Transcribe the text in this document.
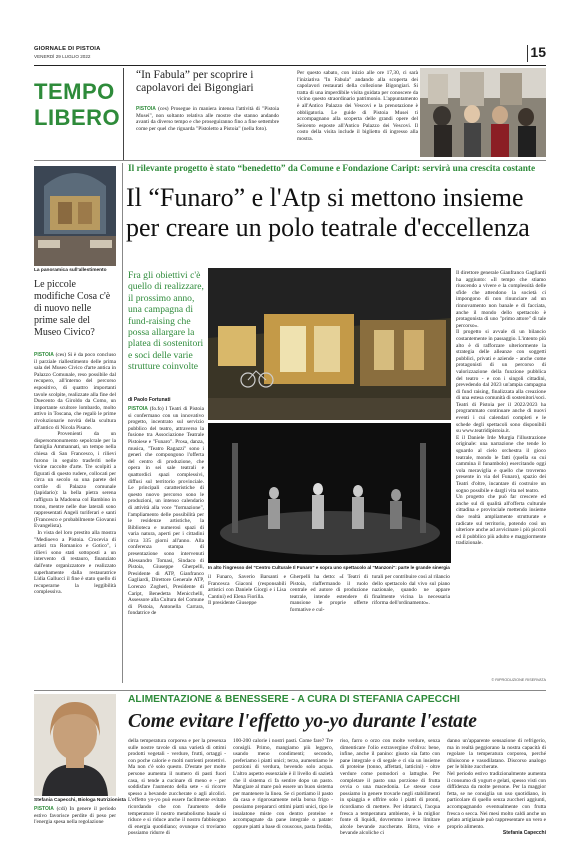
GIORNALE DI PISTOIA
VENERDÌ 29 LUGLIO 2022	15
TEMPO
LIBERO
“In Fabula” per scoprire i capolavori dei Bigongiari
PISTOIA (ces) Prosegue in maniera intensa l'attività di "Pistoia Musei", non soltanto relativa alle mostre che stanno andando avanti da diverso tempo e che proseguiranno fino a fine settembre come per quel che riguarda "Pistoletto a Pistoia" (nella foto).
Per questo sabato, con inizio alle ore 17,30, ci sarà l'iniziativa "In Fabula" andando alla scoperta dei capolavori restaurati della collezione Bigongiari. Si tratta di una imperdibile visita guidata per conoscere da vicino questo straordinario patrimonio. L'appuntamento è all'Antico Palazzo dei Vescovi e la prenotazione è obbligatoria. Le guide di Pistoia Musei ti accompagnano alla scoperta delle grandi opere del Seicento esposte all'Antico Palazzo dei Vescovi. Il costo della visita include il biglietto di ingresso alla mostra.
La panoramica sull'allestimento
Le piccole modifiche Cosa c'è di nuovo nelle prime sale del Museo Civico?
PISTOIA (ces) Si è da poco concluso il parziale riallestimento delle prima sala del Museo Civico d'arte antica in Palazzo Comunale, reso possibile dal recupero, all'interno del percorso espositivo, di quattro importanti tavole scolpite, realizzate alla fine del Duecento da Giroldo da Como, un importante scultore lombardo, molto attivo in Toscana, che regalò le prime rivoluzionarie novità della scultura all'antico di Nicola Pisano.
Provenienti da un dispersomonumento sepolcrale per la famiglia Ammannati, un tempo nella chiesa di San Francesco, i rilievi furono in seguito trasferiti nelle vicine raccolte d'arte. Tre scolpiti a figurati di questo rudere, collocati per circa un secolo su una parete del cortile di Palazzo comunale (lapidario): la bella pietra serena raffigura la Madonna col Bambino in trono, mentre nelle due laterali sono rappresentati Angeli turiferari e santi (Francesco e probabilmente Giovanni Evangelista).
In vista del loro prestito alla mostra "Medioevo a Pistoia. Crocevia di artisti tra Romanico e Gotico", i rilievi sono stati sottoposti a un intervento di restauro, finanziato dall'ente organizzatore e realizzato superbamente dalla restauratrice Lidia Gallucci il fine è stato quello di recuperarne la leggibilità complessiva.
Il rilevante progetto è stato “benedetto” da Comune e Fondazione Caript: servirà una crescita costante
Il “Funaro” e l'Atp si mettono insieme
per creare un polo teatrale d'eccellenza
Fra gli obiettivi c'è quello di realizzare, il prossimo anno, una campagna di fund-raising che possa allargare la platea di sostenitori e soci delle varie strutture coinvolte
di Paolo Fortunati
PISTOIA (fo.fo) I Teatri di Pistoia si confermano con un innovativo progetto, incentrato sul servizio pubblico del teatro, attraverso la fusione tra Associazione Teatrale Pistoiese e "Funaro". Prosa, danza, musica, "Teatro Ragazzi" sono i generi che compongono l'offerta del centro di produzione, che opera in sei sale teatrali e quattordici spazi complessivi, diffusi sul territorio provinciale. Le principali caratteristiche di questo nuovo percorso sono le produzioni, un intenso calendario di attività alla voce "formazione", l'ampliamento delle possibilità per le residenze artistiche, la Biblioteca e numerosi spazi di varia natura, aperti per i cittadini circa 335 giorni all'anno. Alla conferenza stampa di presentazione sono intervenuti Alessandro Tomasi, Sindaco di Pistoia, Giuseppe Gherpelli, Presidente di ATP, Gianfranco Gagliardi, Direttore Generale ATP, Lorenzo Zogheri, Presidente di Caript, Benedetta Menicchelli, Assessore alla Cultura del Comune di Pistoia, Antonella Carrara, fondatrice de
In alto l'ingresso del "Centro Culturale Il Funaro" e sopra uno spettacolo al "Manzoni": parte le grande sinergia
il Funaro, Saverio Barsanti e Francesca Giaconi (responsabili artistici con Daniele Giorgi e i Lisa Cantini) ed Elena Fiorilla.
Il presidente Giuseppe
Gherpelli ha detto: «I Teatri di Pistoia, riaffermando il ruolo centrale ed autore di produzione teatrale, intende estendere di mansione le proprie offerte formative e cul-
turali per contribuire così al rilancio dello spettacolo dal vivo sul piano nazionale, quando ne appare finalmente vicina la necessaria riforma dell'ordinamento».
Il direttore generale Gianfranco Gagliardi ha aggiunto: «Il tempo che stiamo riuscendo a vivere e la complessità delle sfide che attendono la società ci impongono di non rinunciare ad un rinnovamento non banale e di facciata, anche il mondo dello spettacolo è protagonista di uno "primo attore" di tale percorso».
Il progetto si avvale di un bilancio costantemente in passaggio. L'intento più alto è di rafforzare ulteriormente la strategia delle alleanze con soggetti pubblici, privati e aziende - anche come protagonisti di un percorso di valorizzazione della funzione pubblica del teatro - e con i singoli cittadini, prevedendo dal 2023 un'ampia campagna di fund raising, finalizzata alla creazione di una estesa comunità di sostenitori/soci. Teatri di Pistoia per il 2022/2023 ha programmato continuare anche di nuovi eventi i cui calendari completi e le schede degli spettacoli sono disponibili su www.teatridipistoia.it.
E il Daniele Irde Murgia l'illustrazione originale: una narrazione che tende lo sguardo al cielo orchestra il gioco teatrale, mondo le fatti (quella su cui cammina il funambolo) esercitando oggi vola meraviglia e quello che trovremo presente in via del Funaro), spazio dei Teatri d'oltre, incantare di costruire un sogno possibile e dargli vita nel teatro.
Un progetto che può far crescere ed anche sul di qualità all'offerta culturale cittadina e provinciale mettendo insieme due realtà ampliamente strutturate e radicate sul territorio, potendo così un ulteriore anche ad avvicinare i più piccoli ed il pubblico più adulto e maggiormente tradizionale.
© RIPRODUZIONE RISERVATA
ALIMENTAZIONE & BENESSERE - A CURA DI STEFANIA CAPECCHI
Come evitare l'effetto yo-yo durante l'estate
Stefania Capecchi, Biologa Nutrizionista
PISTOIA (cdi) In genere il periodo estivo favorisce perdite di peso per l'energia spesa nella regolazione
della temperatura corporea e per la presenza sulle nostre tavole di una varietà di ottimi prodotti vegetali - verdure, frutti, ortaggi - con poche calorie e molti nutrienti protettivi. Ma non c'è solo questo. D'estate per molte persone aumenta il numero di pasti fuori casa, si tende a cucinare di meno e - per soddisfare l'aumento della sete - si ricorre spesso a bevande zuccherate o agli alcolici. L'effetto yo-yo può essere facilmente evitato ricordando che con l'aumento delle temperature il nostro metabolismo basale si riduce e si riduce anche il nostro fabbisogno di energia quotidiano; ovunque ci troviamo possiamo ridurre di
100-200 calorie i nostri pasti. Come fare? Tre consigli. Primo, mangiamo più leggero, usando meno condimenti; secondo, preferiamo i piatti unici; terzo, aumentiamo le porzioni di verdura, bevendo solo acqua. L'altro aspetto essenziale è il livello di sazietà che il sistema ci fa sentire dopo un pasto. Mangiare al mare può essere un buon sistema per mantenere la linea. Se ci portiamo il pasto da casa e rigorosamente nella borsa frigo - possiamo prepararci ottimi piatti unici, tipo le insalatone miste con dentro proteine e accompagnate da pane integrale o patate: oppure piatti a base di couscous, pasta fredda,
riso, farro o orzo con molte verdure, senza dimenticare l'olio extravergine d'oliva: bene, infine, anche il panino: giusto sia fatto con pane integrale o di segale e ci sia un insieme di proteine (tonno, affettati, latticini) - oltre verdure come pomodori o lattughe. Per completare il pasto una porzione di frutta ovvia o una macedonia. Le stesse cose possiamo in genere trovarle negli stabilimenti in spiaggia e offrire solo i piatti di pronti, ricordiamo di mettere. Per idratarci, l'acqua fresca a temperatura ambiente, è la miglior fonte di liquidi, dovremmo invece limitare alcole bevande zuccherate. Birra, vino e bevande alcoliche ci
danno un'apparente sensazione di refrigerio, ma in realtà peggiorano la nostra capacità di regolare la temperatura corporea, perché diluiscono e vasodilatano. Discorso analogo per le bibite zuccherate.
Nel periodo estivo tradizionalmente aumenta il consumo di yogurt e gelati, spesso visti con diffidenza da molte persone. Per la maggior fetta, se ne consiglia un uso quotidiano, in particolare di quello senza zuccheri aggiunti, accompagnando eventualmente con frutta fresca o secca. Nei mesi molto caldi anche un gelato artigianale può rappresentare un vero e proprio alimento.
Stefania Capecchi
